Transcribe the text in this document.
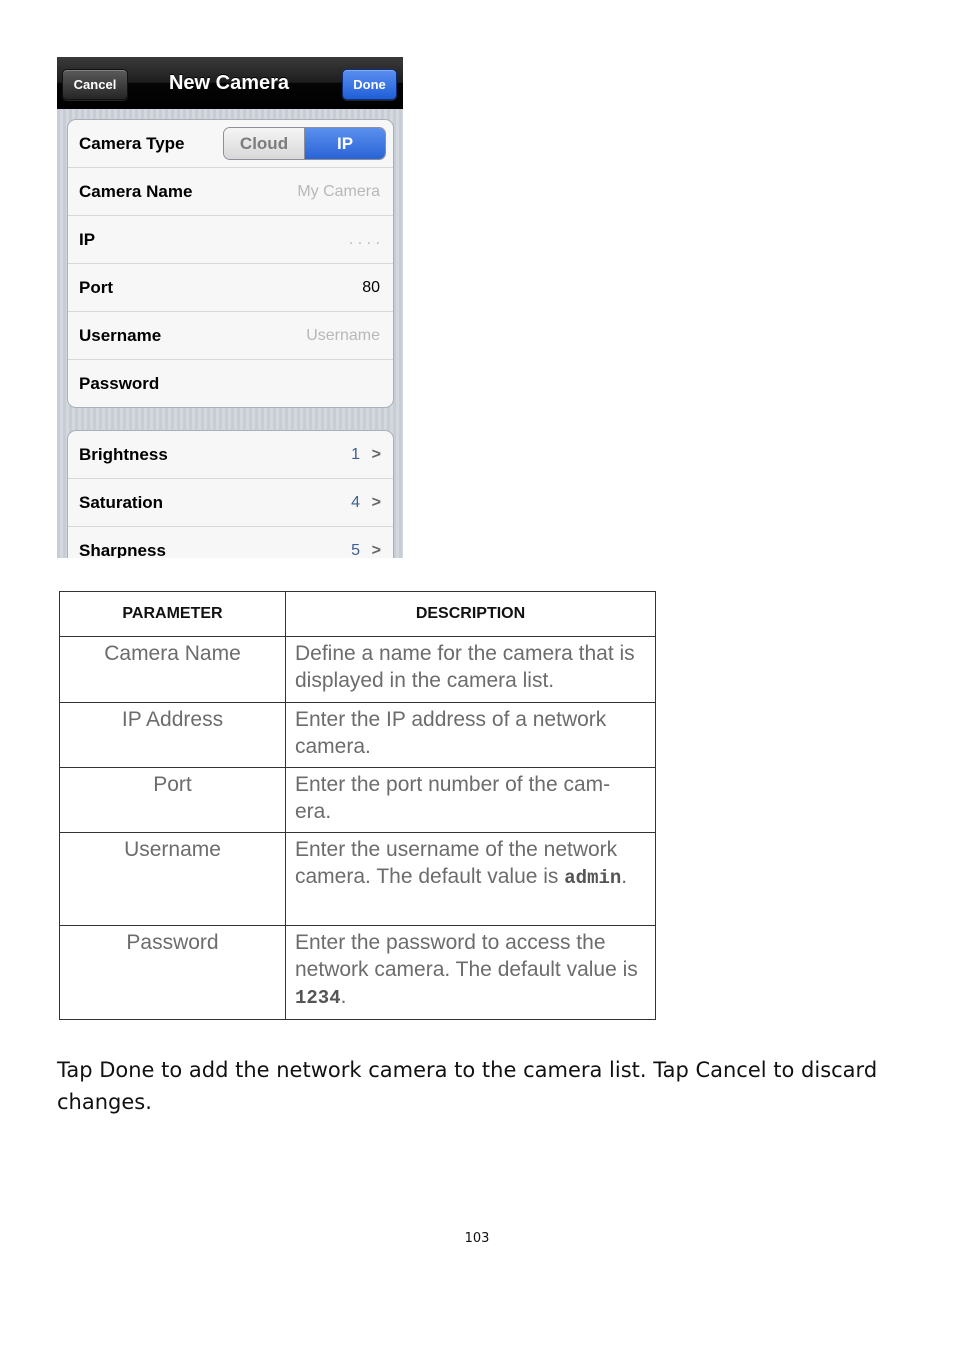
Cancel	New Camera	Done
Camera Type	Cloud	IP
Camera Name	My Camera
IP	. . . .
Port	80
Username	Username
Password
Brightness	1 >
Saturation	4 >
Sharpness	5 >
PARAMETER	DESCRIPTION
Camera Name	Define a name for the camera that is displayed in the camera list.
IP Address	Enter the IP address of a network camera.
Port	Enter the port number of the cam-era.
Username	Enter the username of the network camera. The default value is admin.
Password	Enter the password to access the network camera. The default value is 1234.
Tap Done to add the network camera to the camera list. Tap Cancel to discard changes.
103
